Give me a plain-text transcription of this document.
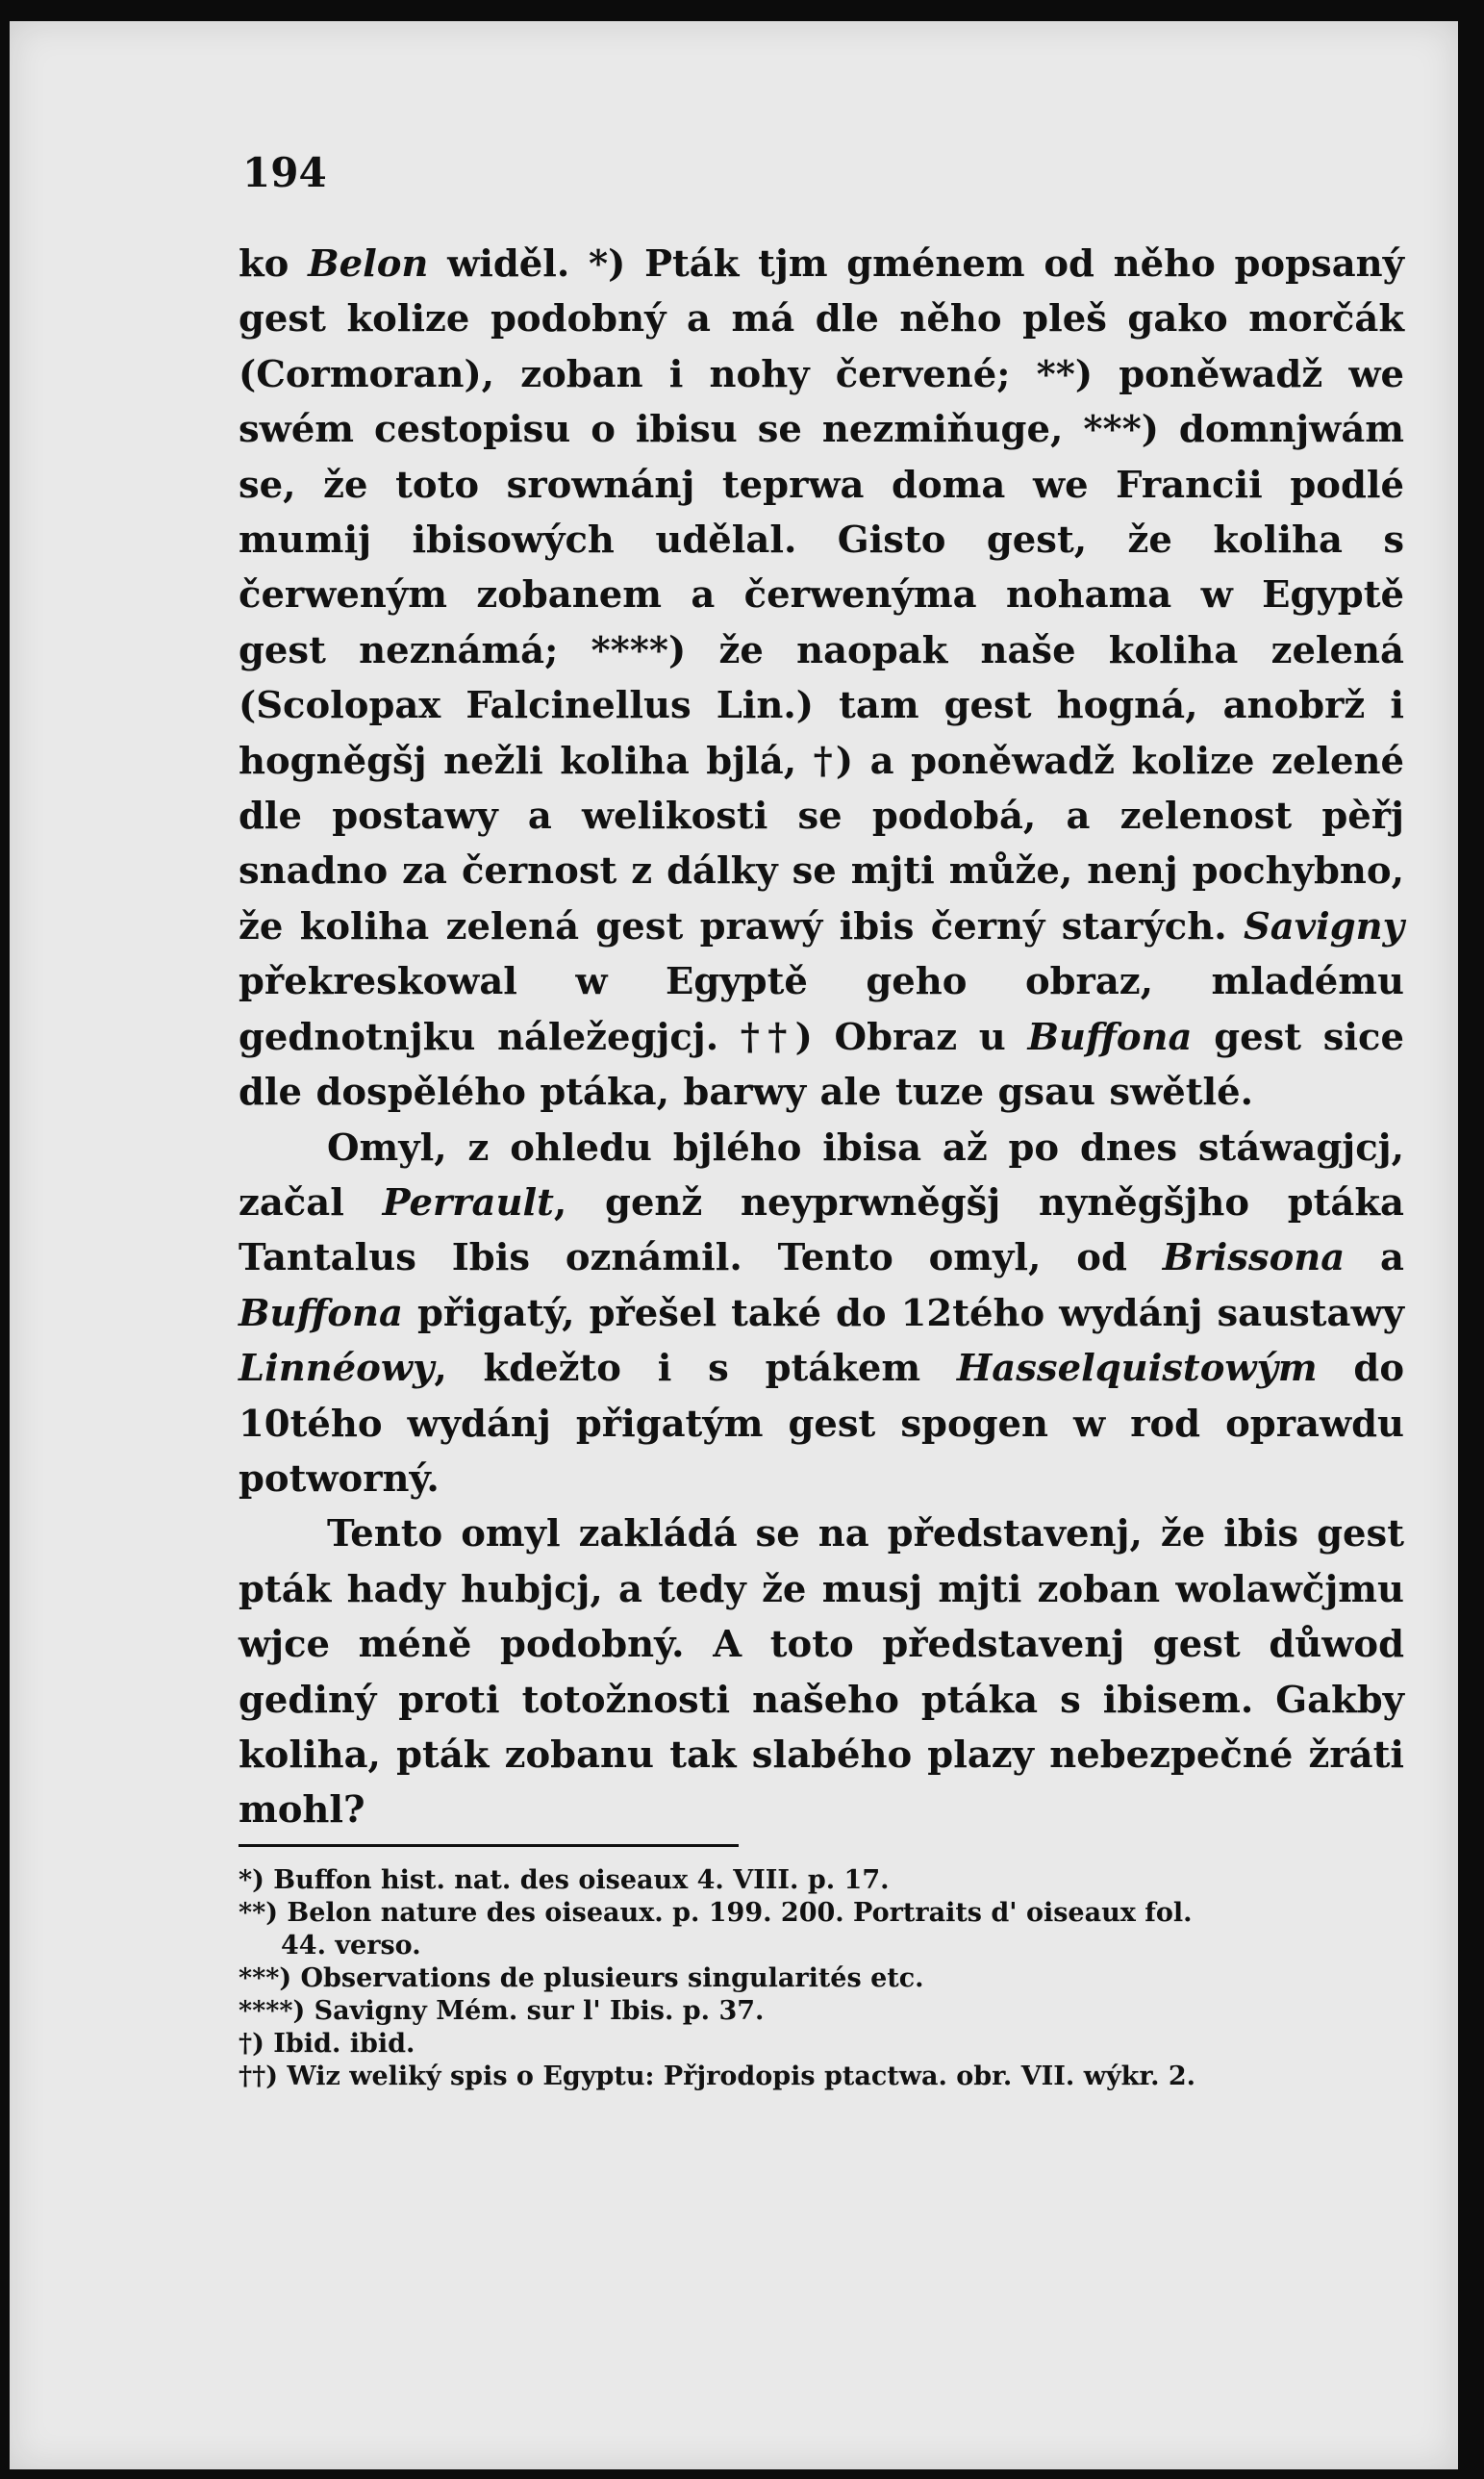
194

ko Belon widěl. *) Pták tjm gménem od něho popsaný gest kolize podobný a má dle něho pleš gako morčák (Cormoran), zoban i nohy červené; **) poněwadž we swém cestopisu o ibisu se nezmiňuge, ***) domnjwám se, že toto srownánj teprwa doma we Francii podlé mumij ibisowých udělal. Gisto gest, že koliha s čerweným zobanem a čerwenýma nohama w Egyptě gest neznámá; ****) že naopak naše koliha zelená (Scolopax Falcinellus Lin.) tam gest hogná, anobrž i hogněgšj nežli koliha bjlá, †) a poněwadž kolize zelené dle postawy a welikosti se podobá, a zelenost pèřj snadno za černost z dálky se mjti může, nenj pochybno, že koliha zelená gest prawý ibis černý starých. Savigny překreskowal w Egyptě geho obraz, mladému gednotnjku náležegjcj. ††) Obraz u Buffona gest sice dle dospělého ptáka, barwy ale tuze gsau swětlé.

Omyl, z ohledu bjlého ibisa až po dnes stáwagjcj, začal Perrault, genž neyprwněgšj nyněgšjho ptáka Tantalus Ibis oznámil. Tento omyl, od Brissona a Buffona přigatý, přešel také do 12tého wydánj saustawy Linnéowy, kdežto i s ptákem Hasselquistowým do 10tého wydánj přigatým gest spogen w rod oprawdu potworný.

Tento omyl zakládá se na představenj, že ibis gest pták hady hubjcj, a tedy že musj mjti zoban wolawčjmu wjce méně podobný. A toto představenj gest důwod gediný proti totožnosti našeho ptáka s ibisem. Gakby koliha, pták zobanu tak slabého plazy nebezpečné žráti mohl?

*) Buffon hist. nat. des oiseaux 4. VIII. p. 17.
**) Belon nature des oiseaux. p. 199. 200. Portraits d' oiseaux fol.
44. verso.
***) Observations de plusieurs singularités etc.
****) Savigny Mém. sur l' Ibis. p. 37.
†) Ibid. ibid.
††) Wiz weliký spis o Egyptu: Přjrodopis ptactwa. obr. VII. wýkr. 2.
